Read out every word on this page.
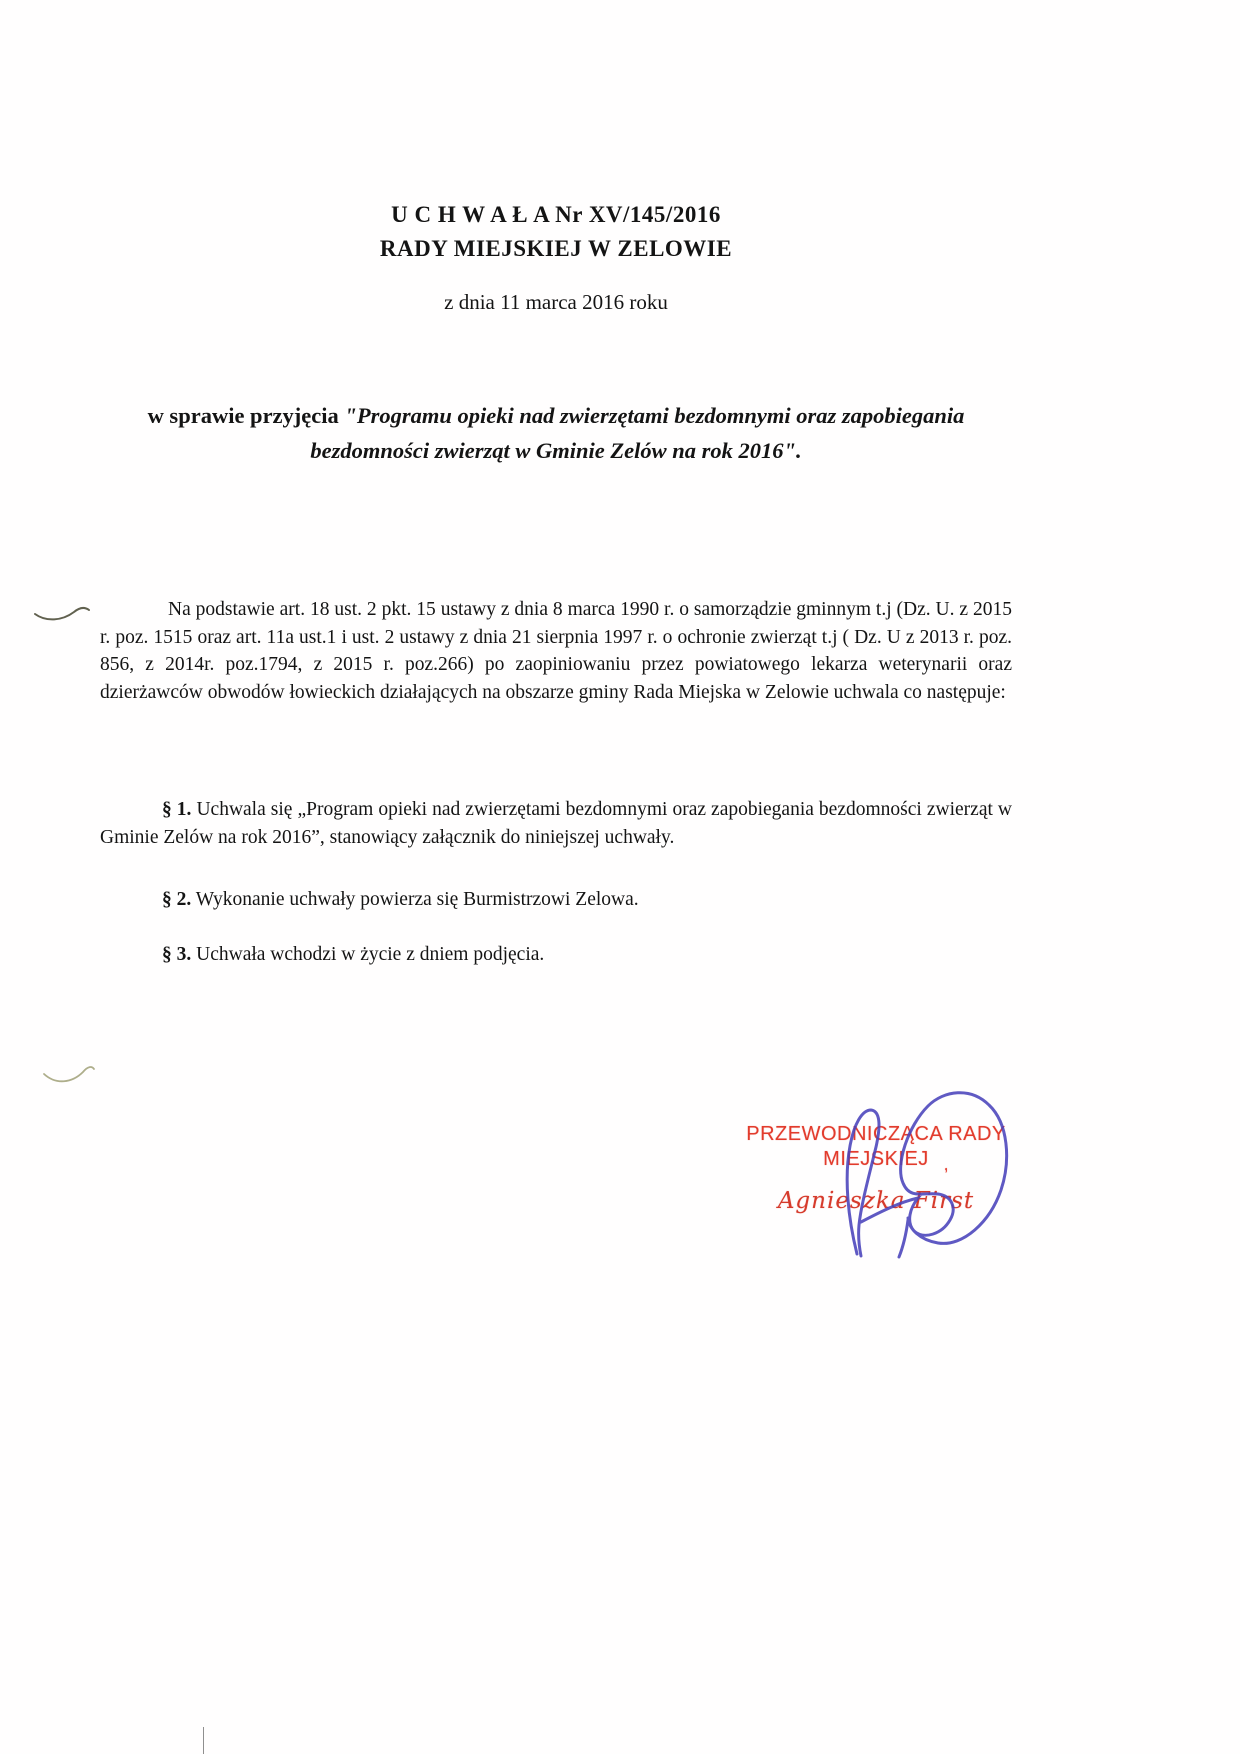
U C H W A Ł A Nr XV/145/2016
RADY MIEJSKIEJ W ZELOWIE
z dnia 11 marca 2016 roku
w sprawie przyjęcia "Programu opieki nad zwierzętami bezdomnymi oraz zapobiegania bezdomności zwierząt w Gminie Zelów na rok 2016".

Na podstawie art. 18 ust. 2 pkt. 15 ustawy z dnia 8 marca 1990 r. o samorządzie gminnym t.j (Dz. U. z 2015 r. poz. 1515 oraz art. 11a ust.1 i ust. 2 ustawy z dnia 21 sierpnia 1997 r. o ochronie zwierząt t.j ( Dz. U z 2013 r. poz. 856, z 2014r. poz.1794, z 2015 r. poz.266) po zaopiniowaniu przez powiatowego lekarza weterynarii oraz dzierżawców obwodów łowieckich działających na obszarze gminy Rada Miejska w Zelowie uchwala co następuje:

§ 1. Uchwala się „Program opieki nad zwierzętami bezdomnymi oraz zapobiegania bezdomności zwierząt w Gminie Zelów na rok 2016”, stanowiący załącznik do niniejszej uchwały.

§ 2. Wykonanie uchwały powierza się Burmistrzowi Zelowa.

§ 3. Uchwała wchodzi w życie z dniem podjęcia.

PRZEWODNICZĄCA RADY
MIEJSKIEJ ,
Agnieszka First
